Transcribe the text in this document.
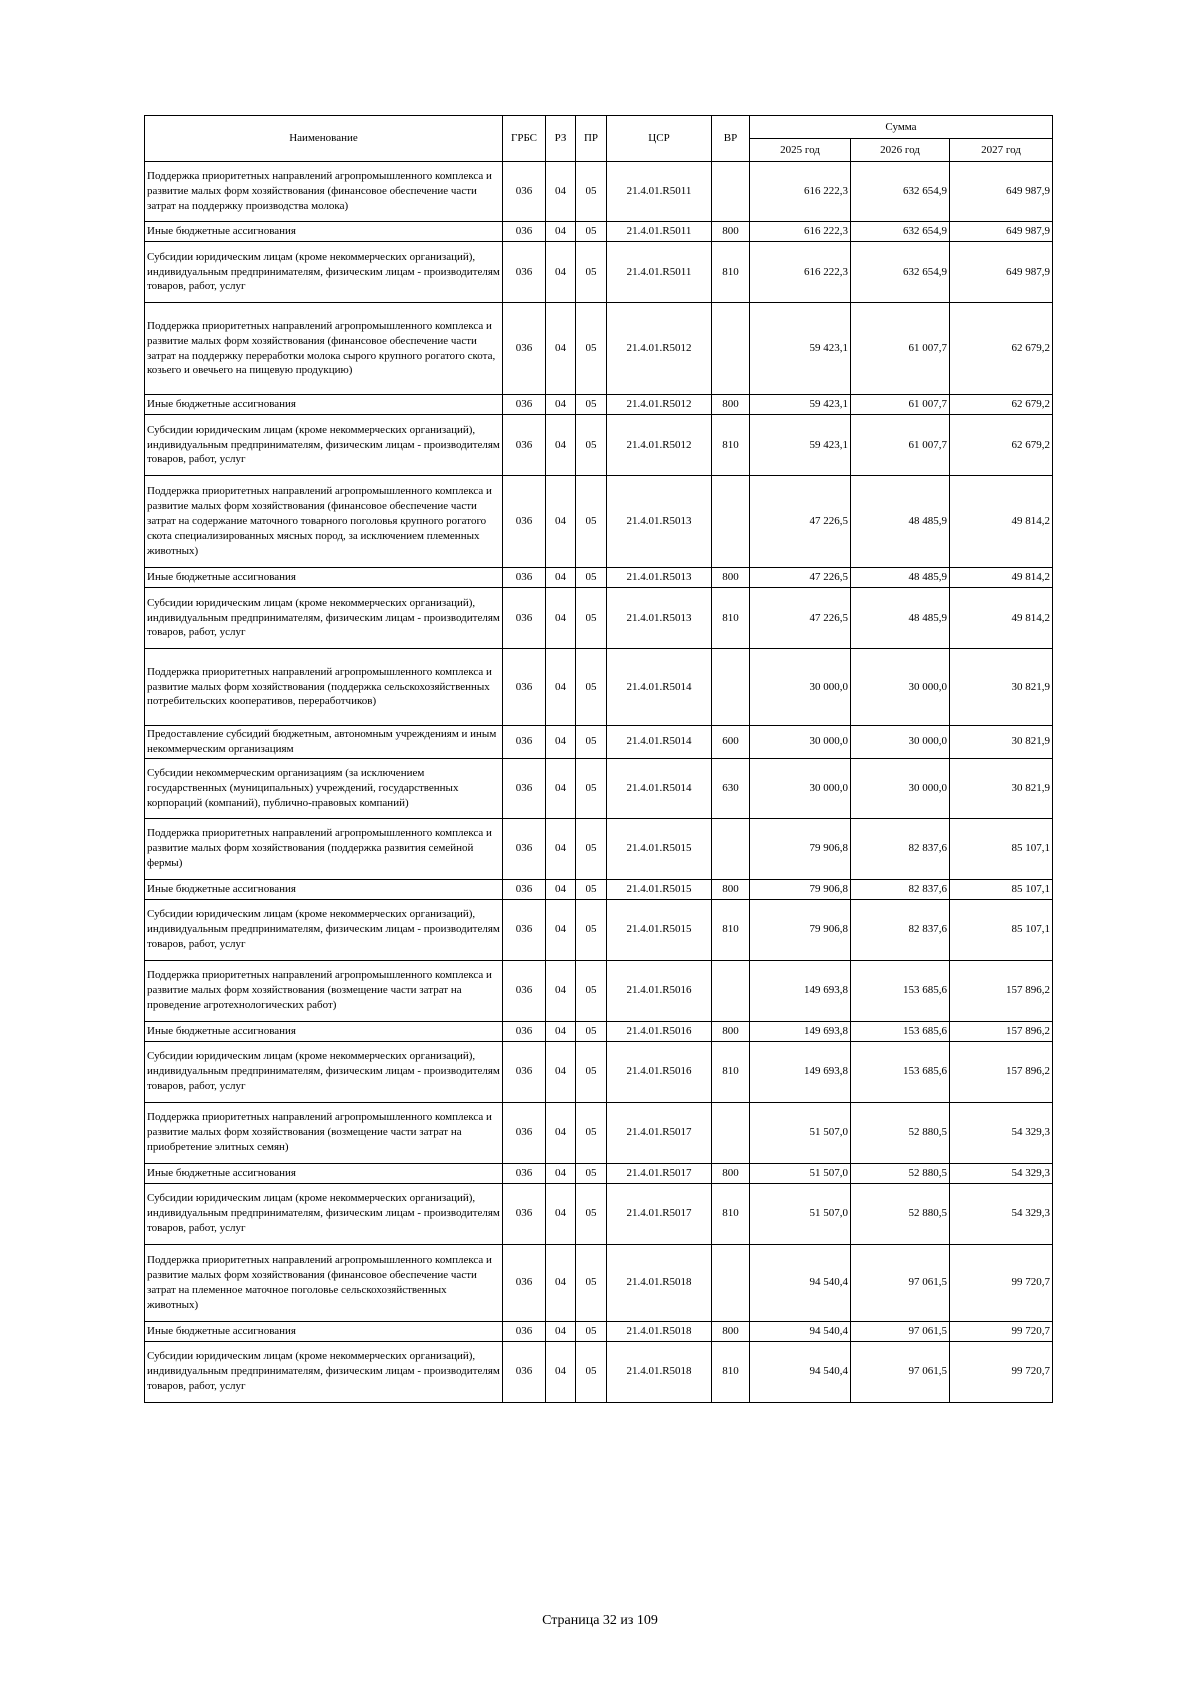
Наименование	ГРБС	РЗ	ПР	ЦСР	ВР	Сумма		
						2025 год	2026 год	2027 год
Поддержка приоритетных направлений агропромышленного комплекса и развитие малых форм хозяйствования (финансовое обеспечение части затрат на поддержку производства молока)	036	04	05	21.4.01.R5011		616 222,3	632 654,9	649 987,9
Иные бюджетные ассигнования	036	04	05	21.4.01.R5011	800	616 222,3	632 654,9	649 987,9
Субсидии юридическим лицам (кроме некоммерческих организаций), индивидуальным предпринимателям, физическим лицам - производителям товаров, работ, услуг	036	04	05	21.4.01.R5011	810	616 222,3	632 654,9	649 987,9
Поддержка приоритетных направлений агропромышленного комплекса и развитие малых форм хозяйствования (финансовое обеспечение части затрат на поддержку переработки молока сырого крупного рогатого скота, козьего и овечьего на пищевую продукцию)	036	04	05	21.4.01.R5012		59 423,1	61 007,7	62 679,2
Иные бюджетные ассигнования	036	04	05	21.4.01.R5012	800	59 423,1	61 007,7	62 679,2
Субсидии юридическим лицам (кроме некоммерческих организаций), индивидуальным предпринимателям, физическим лицам - производителям товаров, работ, услуг	036	04	05	21.4.01.R5012	810	59 423,1	61 007,7	62 679,2
Поддержка приоритетных направлений агропромышленного комплекса и развитие малых форм хозяйствования (финансовое обеспечение части затрат на содержание маточного товарного поголовья крупного рогатого скота специализированных мясных пород, за исключением племенных животных)	036	04	05	21.4.01.R5013		47 226,5	48 485,9	49 814,2
Иные бюджетные ассигнования	036	04	05	21.4.01.R5013	800	47 226,5	48 485,9	49 814,2
Субсидии юридическим лицам (кроме некоммерческих организаций), индивидуальным предпринимателям, физическим лицам - производителям товаров, работ, услуг	036	04	05	21.4.01.R5013	810	47 226,5	48 485,9	49 814,2
Поддержка приоритетных направлений агропромышленного комплекса и развитие малых форм хозяйствования (поддержка сельскохозяйственных потребительских кооперативов, переработчиков)	036	04	05	21.4.01.R5014		30 000,0	30 000,0	30 821,9
Предоставление субсидий бюджетным, автономным учреждениям и иным некоммерческим организациям	036	04	05	21.4.01.R5014	600	30 000,0	30 000,0	30 821,9
Субсидии некоммерческим организациям (за исключением государственных (муниципальных) учреждений, государственных корпораций (компаний), публично-правовых компаний)	036	04	05	21.4.01.R5014	630	30 000,0	30 000,0	30 821,9
Поддержка приоритетных направлений агропромышленного комплекса и развитие малых форм хозяйствования (поддержка развития семейной фермы)	036	04	05	21.4.01.R5015		79 906,8	82 837,6	85 107,1
Иные бюджетные ассигнования	036	04	05	21.4.01.R5015	800	79 906,8	82 837,6	85 107,1
Субсидии юридическим лицам (кроме некоммерческих организаций), индивидуальным предпринимателям, физическим лицам - производителям товаров, работ, услуг	036	04	05	21.4.01.R5015	810	79 906,8	82 837,6	85 107,1
Поддержка приоритетных направлений агропромышленного комплекса и развитие малых форм хозяйствования (возмещение части затрат на проведение агротехнологических работ)	036	04	05	21.4.01.R5016		149 693,8	153 685,6	157 896,2
Иные бюджетные ассигнования	036	04	05	21.4.01.R5016	800	149 693,8	153 685,6	157 896,2
Субсидии юридическим лицам (кроме некоммерческих организаций), индивидуальным предпринимателям, физическим лицам - производителям товаров, работ, услуг	036	04	05	21.4.01.R5016	810	149 693,8	153 685,6	157 896,2
Поддержка приоритетных направлений агропромышленного комплекса и развитие малых форм хозяйствования (возмещение части затрат на приобретение элитных семян)	036	04	05	21.4.01.R5017		51 507,0	52 880,5	54 329,3
Иные бюджетные ассигнования	036	04	05	21.4.01.R5017	800	51 507,0	52 880,5	54 329,3
Субсидии юридическим лицам (кроме некоммерческих организаций), индивидуальным предпринимателям, физическим лицам - производителям товаров, работ, услуг	036	04	05	21.4.01.R5017	810	51 507,0	52 880,5	54 329,3
Поддержка приоритетных направлений агропромышленного комплекса и развитие малых форм хозяйствования (финансовое обеспечение части затрат на племенное маточное поголовье сельскохозяйственных животных)	036	04	05	21.4.01.R5018		94 540,4	97 061,5	99 720,7
Иные бюджетные ассигнования	036	04	05	21.4.01.R5018	800	94 540,4	97 061,5	99 720,7
Субсидии юридическим лицам (кроме некоммерческих организаций), индивидуальным предпринимателям, физическим лицам - производителям товаров, работ, услуг	036	04	05	21.4.01.R5018	810	94 540,4	97 061,5	99 720,7
Страница 32 из 109
